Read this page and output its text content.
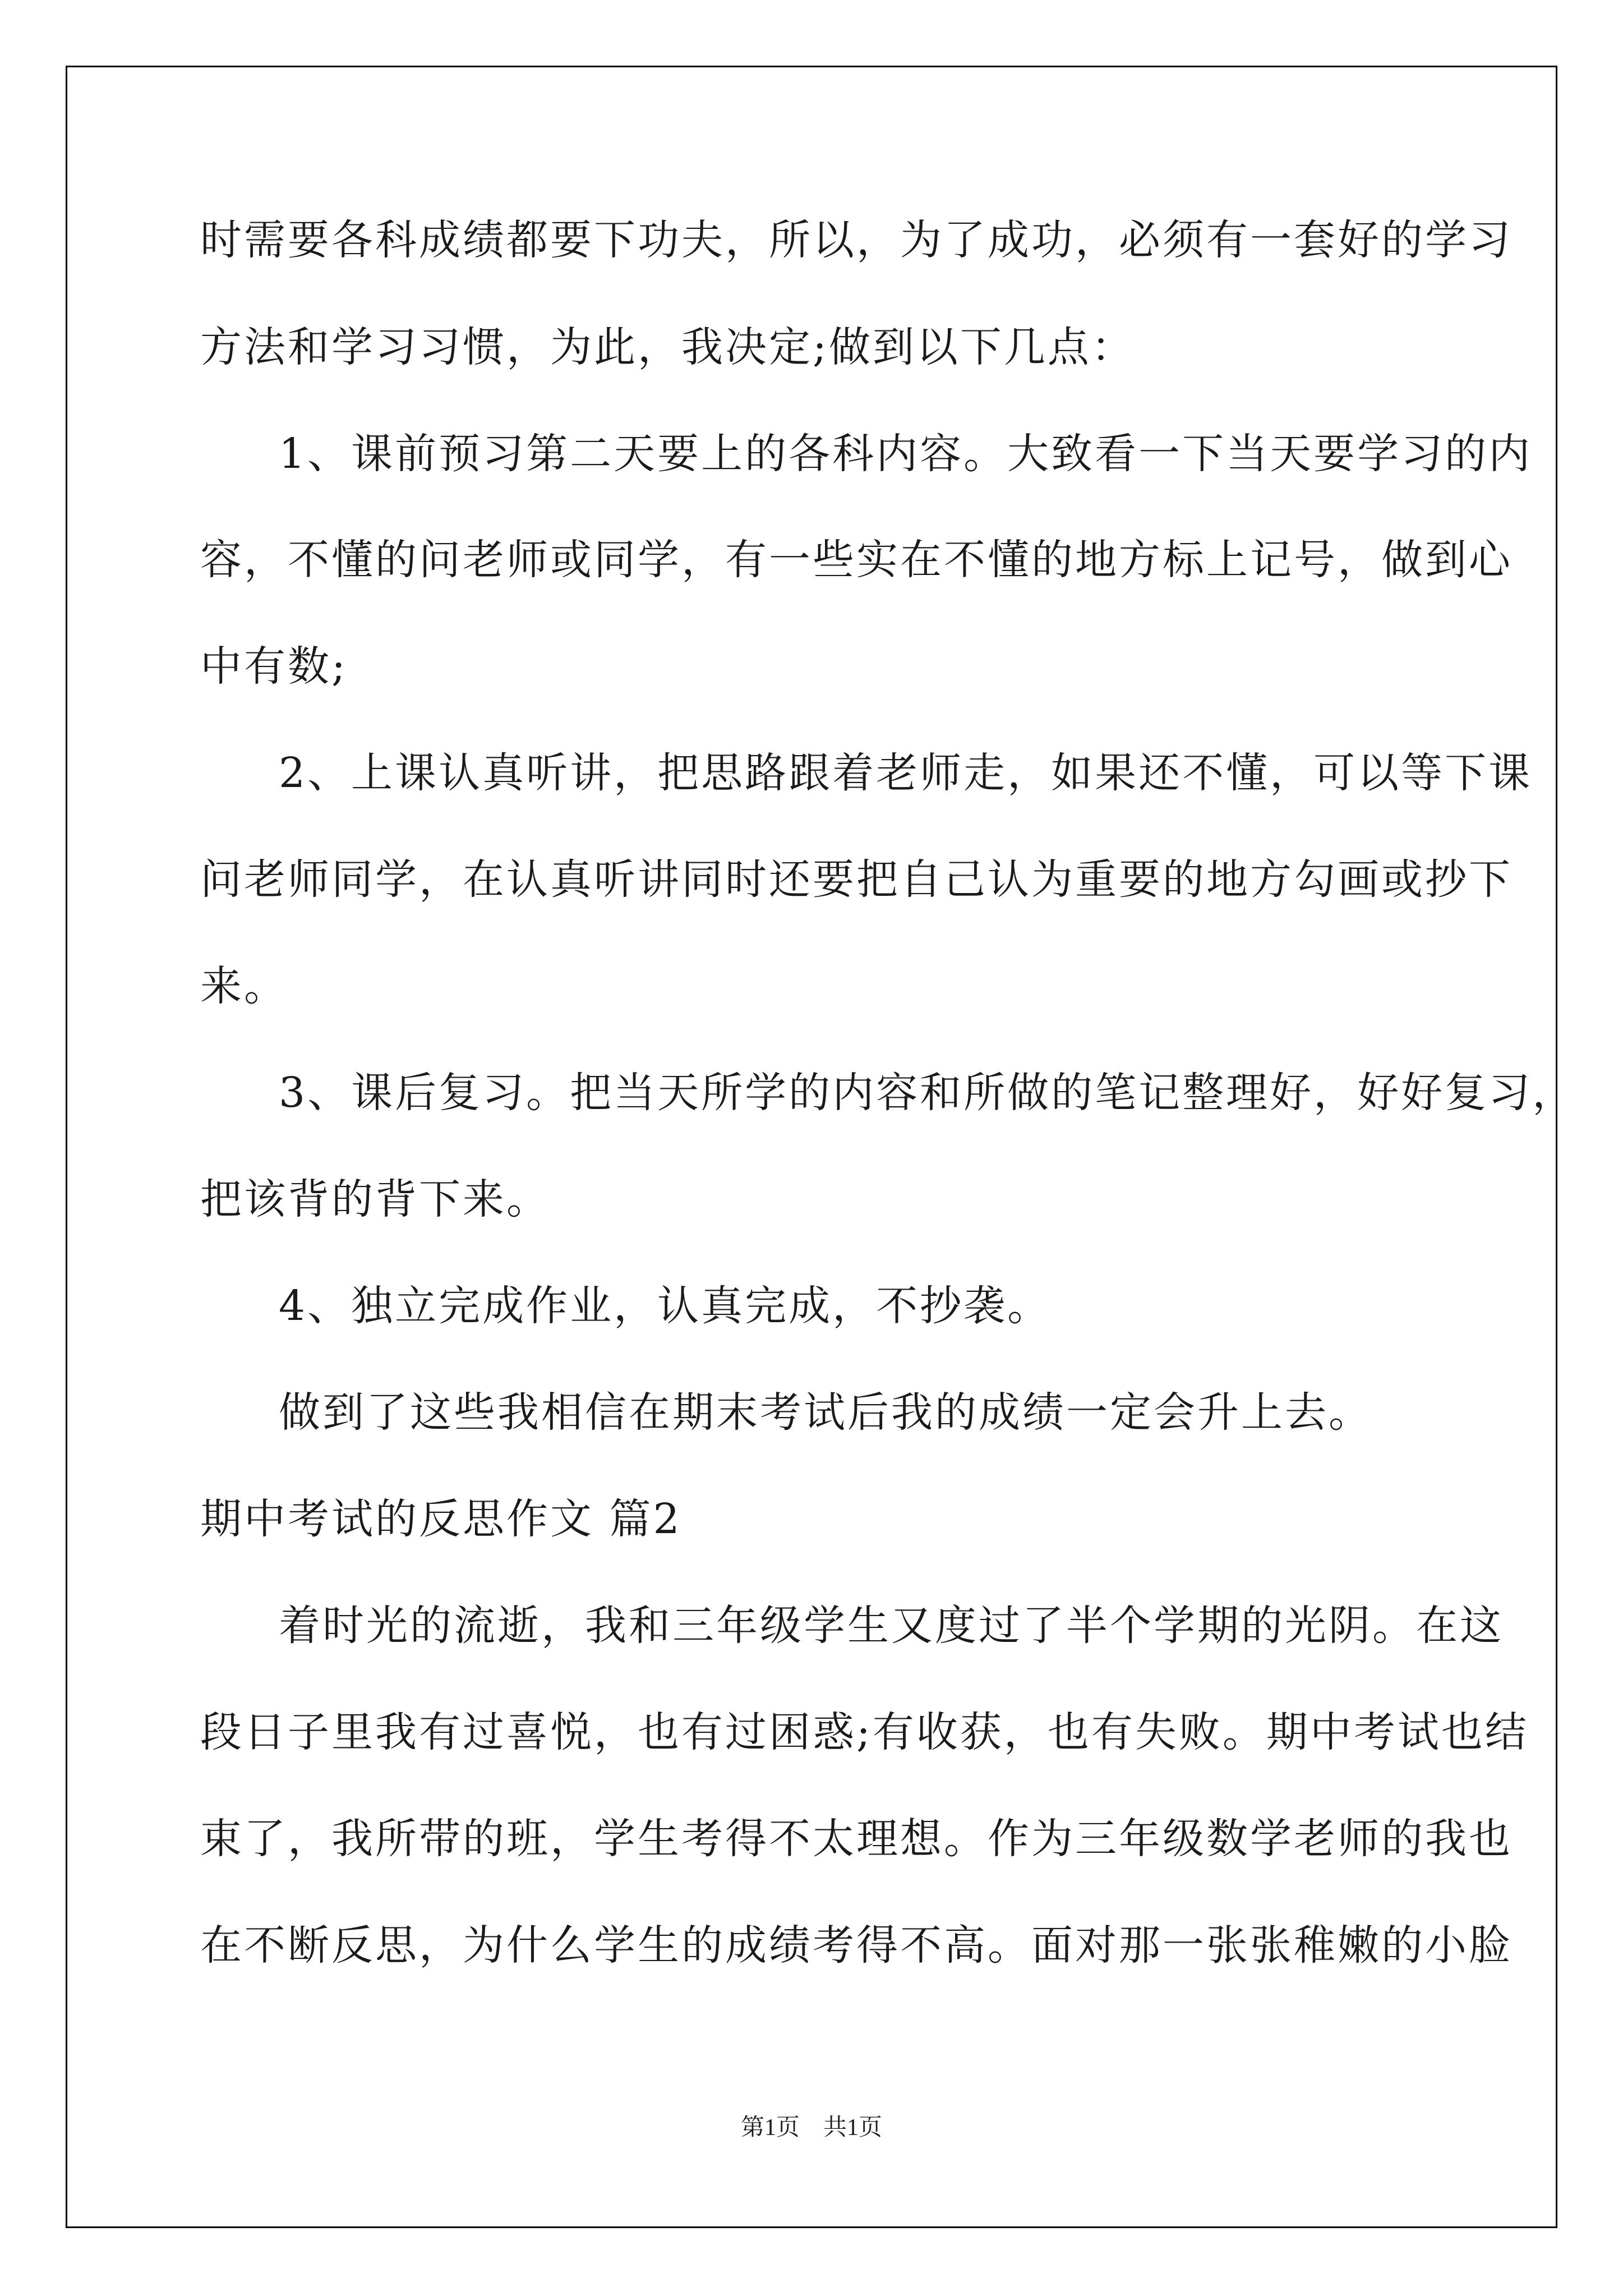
时需要各科成绩都要下功夫，所以，为了成功，必须有一套好的学习
方法和学习习惯，为此，我决定;做到以下几点：
1、课前预习第二天要上的各科内容。大致看一下当天要学习的内
容，不懂的问老师或同学，有一些实在不懂的地方标上记号，做到心
中有数;
2、上课认真听讲，把思路跟着老师走，如果还不懂，可以等下课
问老师同学，在认真听讲同时还要把自己认为重要的地方勾画或抄下
来。
3、课后复习。把当天所学的内容和所做的笔记整理好，好好复习，
把该背的背下来。
4、独立完成作业，认真完成，不抄袭。
做到了这些我相信在期末考试后我的成绩一定会升上去。
期中考试的反思作文 篇2
着时光的流逝，我和三年级学生又度过了半个学期的光阴。在这
段日子里我有过喜悦，也有过困惑;有收获，也有失败。期中考试也结
束了，我所带的班，学生考得不太理想。作为三年级数学老师的我也
在不断反思，为什么学生的成绩考得不高。面对那一张张稚嫩的小脸
第1页　共1页
